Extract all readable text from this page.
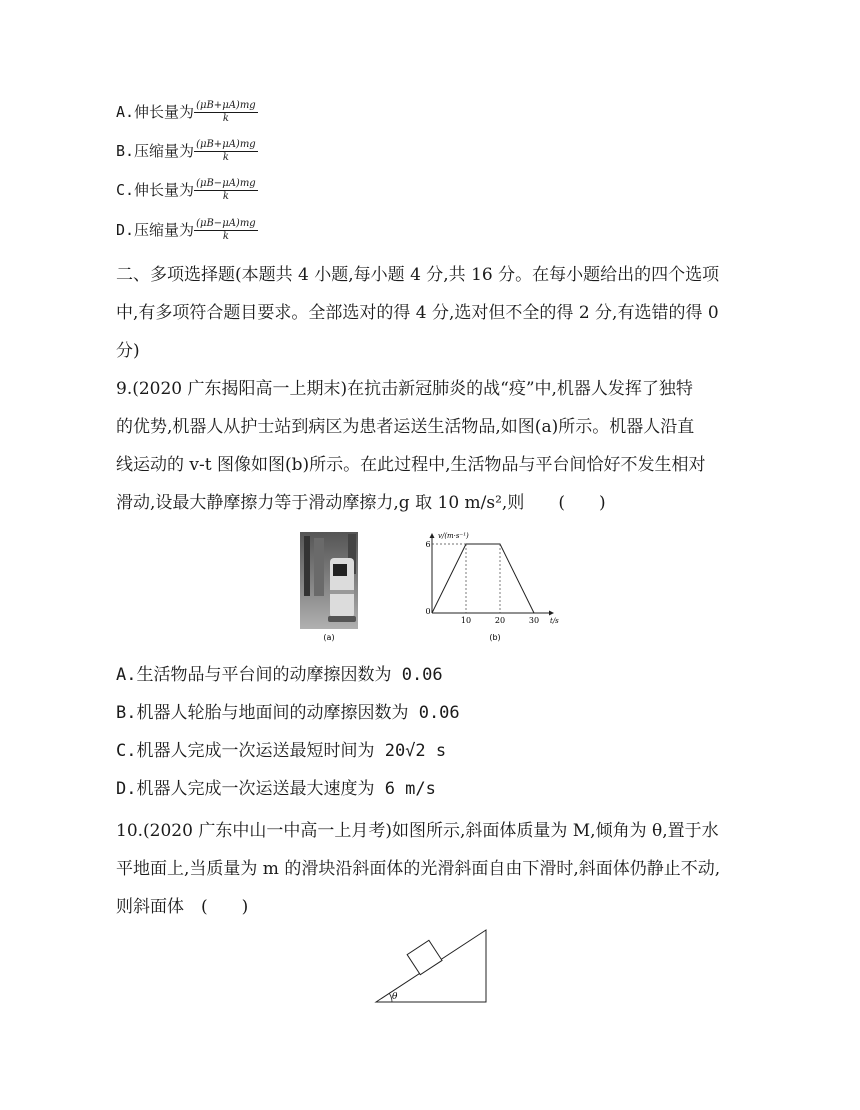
A.伸长量为 $\frac{(\mu B+\mu A)mg}{k}$
B.压缩量为 $\frac{(\mu B+\mu A)mg}{k}$
C.伸长量为 $\frac{(\mu B-\mu A)mg}{k}$
D.压缩量为 $\frac{(\mu B-\mu A)mg}{k}$
二、多项选择题(本题共 4 小题,每小题 4 分,共 16 分。在每小题给出的四个选项
中,有多项符合题目要求。全部选对的得 4 分,选对但不全的得 2 分,有选错的得 0
分)
9.(2020 广东揭阳高一上期末)在抗击新冠肺炎的战“疫”中,机器人发挥了独特
的优势,机器人从护士站到病区为患者运送生活物品,如图(a)所示。机器人沿直
线运动的 v-t 图像如图(b)所示。在此过程中,生活物品与平台间恰好不发生相对
滑动,设最大静摩擦力等于滑动摩擦力,g 取 10 m/s²,则　　(　　)
(a)
v/(m·s⁻¹)
t/s
0
10	20	30
6
(b)
A.生活物品与平台间的动摩擦因数为 0.06
B.机器人轮胎与地面间的动摩擦因数为 0.06
C.机器人完成一次运送最短时间为 20√2 s
D.机器人完成一次运送最大速度为 6 m/s
10.(2020 广东中山一中高一上月考)如图所示,斜面体质量为 M,倾角为 θ,置于水
平地面上,当质量为 m 的滑块沿斜面体的光滑斜面自由下滑时,斜面体仍静止不动,
则斜面体　(　　)
θ
